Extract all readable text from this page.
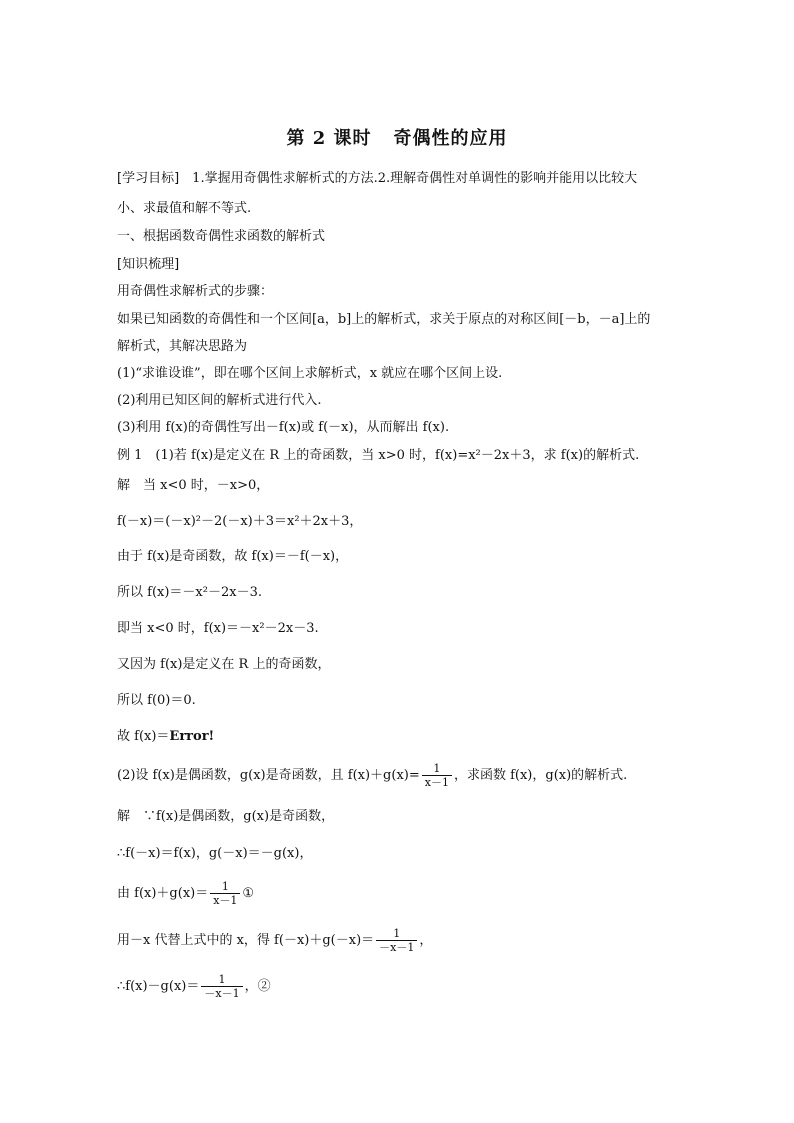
第 2 课时 奇偶性的应用
[学习目标]　 1.掌握用奇偶性求解析式的方法.2.理解奇偶性对单调性的影响并能用以比较大
小、求最值和解不等式.
一、根据函数奇偶性求函数的解析式
[知识梳理]
用奇偶性求解析式的步骤：
如果已知函数的奇偶性和一个区间[a，b]上的解析式，求关于原点的对称区间[－b，－a]上的
解析式，其解决思路为
(1)“求谁设谁”，即在哪个区间上求解析式，x 就应在哪个区间上设.
(2)利用已知区间的解析式进行代入.
(3)利用 f(x)的奇偶性写出－f(x)或 f(－x)，从而解出 f(x).
例 1　(1)若 f(x)是定义在 R 上的奇函数，当 x>0 时，f(x)=x²－2x＋3，求 f(x)的解析式.
解　当 x<0 时，－x>0，
f(－x)＝(－x)²－2(－x)＋3＝x²＋2x＋3，
由于 f(x)是奇函数，故 f(x)＝－f(－x)，
所以 f(x)＝－x²－2x－3.
即当 x<0 时，f(x)＝－x²－2x－3.
又因为 f(x)是定义在 R 上的奇函数，
所以 f(0)＝0.
故 f(x)＝Error!
(2)设 f(x)是偶函数，g(x)是奇函数，且 $f(x)+g(x)= \frac{1}{x-1}$ ，求函数 f(x)，g(x)的解析式.
解　∵f(x)是偶函数，g(x)是奇函数，
∴f(－x)＝f(x)，g(－x)＝－g(x)，
由 $f(x)+g(x)= \frac{1}{x-1}$ ①
用－x 代替上式中的 x，得 $f(-x)+g(-x)= \frac{1}{-x-1}$ ，
∴f(x)－g(x)＝ $\frac{1}{-x-1}$ ，②
